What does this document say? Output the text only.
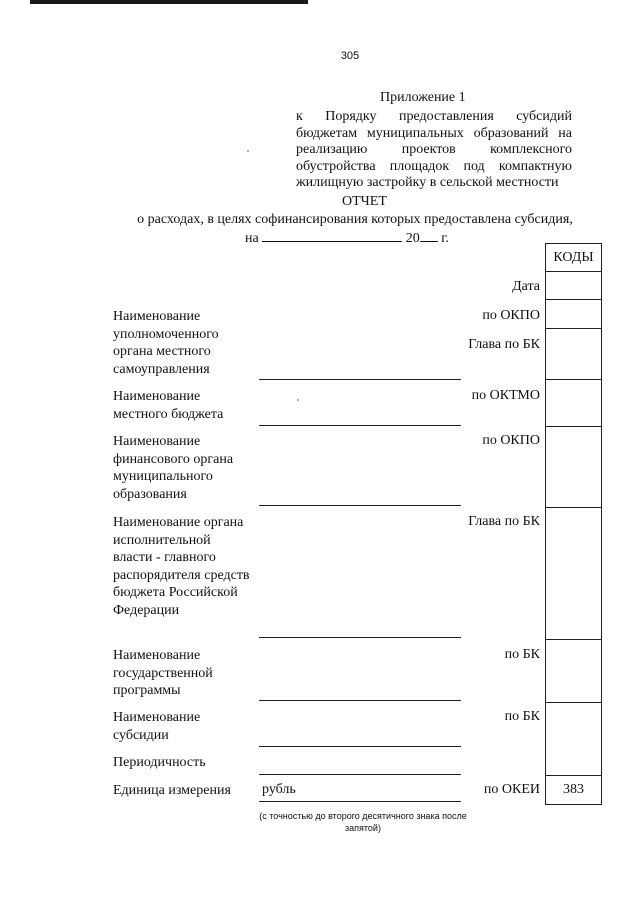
305
Приложение 1
к Порядку предоставления субсидий бюджетам муниципальных образований на реализацию проектов комплексного обустройства площадок под компактную жилищную застройку в сельской местности
ОТЧЕТ
о расходах, в целях софинансирования которых предоставлена субсидия,
на	20 г.
КОДЫ
383
Дата
по ОКПО
Глава по БК
по ОКТМО
по ОКПО
Глава по БК
по БК
по БК
по ОКЕИ
Наименование уполномоченного органа местного самоуправления
Наименование местного бюджета
Наименование финансового органа муниципального образования
Наименование органа исполнительной власти - главного распорядителя средств бюджета Российской Федерации
Наименование государственной программы
Наименование субсидии
Периодичность
Единица измерения	рубль
(с точностью до второго десятичного знака после запятой)
